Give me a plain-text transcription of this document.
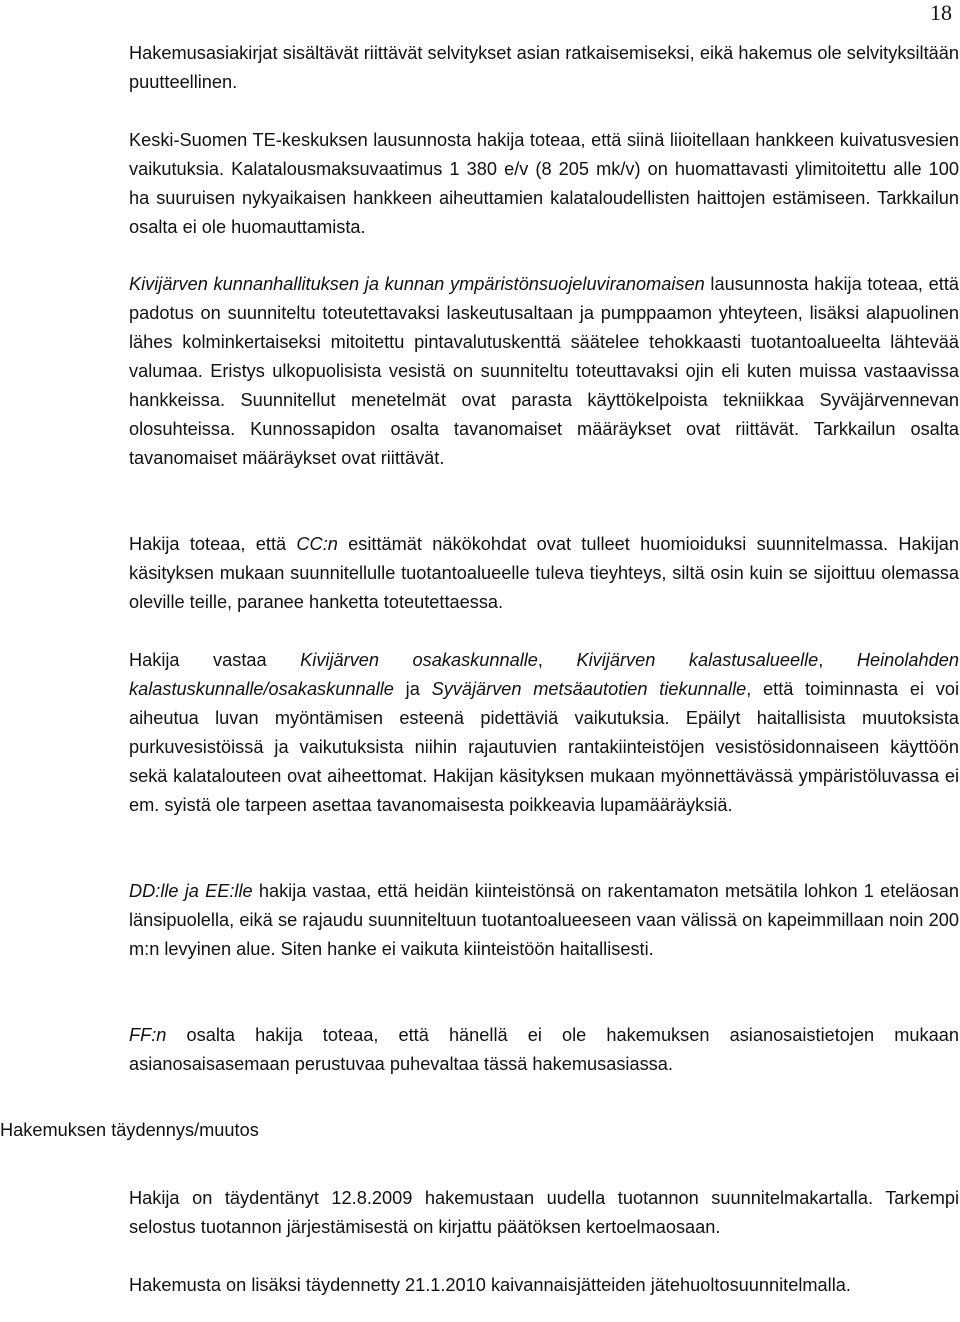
18

Hakemusasiakirjat sisältävät riittävät selvitykset asian ratkaisemiseksi, eikä hakemus ole selvityksiltään puutteellinen.

Keski-Suomen TE-keskuksen lausunnosta hakija toteaa, että siinä liioitellaan hankkeen kuivatusvesien vaikutuksia. Kalatalousmaksuvaatimus 1 380 e/v (8 205 mk/v) on huomattavasti ylimitoitettu alle 100 ha suuruisen nykyaikaisen hankkeen aiheuttamien kalataloudellisten haittojen estämiseen. Tarkkailun osalta ei ole huomauttamista.

Kivijärven kunnanhallituksen ja kunnan ympäristönsuojeluviranomaisen lausunnosta hakija toteaa, että padotus on suunniteltu toteutettavaksi laskeutusaltaan ja pumppaamon yhteyteen, lisäksi alapuolinen lähes kolminkertaiseksi mitoitettu pintavalutuskenttä säätelee tehokkaasti tuotantoalueelta lähtevää valumaa. Eristys ulkopuolisista vesistä on suunniteltu toteuttavaksi ojin eli kuten muissa vastaavissa hankkeissa. Suunnitellut menetelmät ovat parasta käyttökelpoista tekniikkaa Syväjärvennevan olosuhteissa. Kunnossapidon osalta tavanomaiset määräykset ovat riittävät. Tarkkailun osalta tavanomaiset määräykset ovat riittävät.

Hakija toteaa, että CC:n esittämät näkökohdat ovat tulleet huomioiduksi suunnitelmassa. Hakijan käsityksen mukaan suunnitellulle tuotantoalueelle tuleva tieyhteys, siltä osin kuin se sijoittuu olemassa oleville teille, paranee hanketta toteutettaessa.

Hakija vastaa Kivijärven osakaskunnalle, Kivijärven kalastusalueelle, Heinolahden kalastuskunnalle/osakaskunnalle ja Syväjärven metsäautotien tiekunnalle, että toiminnasta ei voi aiheutua luvan myöntämisen esteenä pidettäviä vaikutuksia. Epäilyt haitallisista muutoksista purkuvesistöissä ja vaikutuksista niihin rajautuvien rantakiinteistöjen vesistösidonnaiseen käyttöön sekä kalatalouteen ovat aiheettomat. Hakijan käsityksen mukaan myönnettävässä ympäristöluvassa ei em. syistä ole tarpeen asettaa tavanomaisesta poikkeavia lupamääräyksiä.

DD:lle ja EE:lle hakija vastaa, että heidän kiinteistönsä on rakentamaton metsätila lohkon 1 eteläosan länsipuolella, eikä se rajaudu suunniteltuun tuotantoalueeseen vaan välissä on kapeimmillaan noin 200 m:n levyinen alue. Siten hanke ei vaikuta kiinteistöön haitallisesti.

FF:n osalta hakija toteaa, että hänellä ei ole hakemuksen asianosaistietojen mukaan asianosaisasemaan perustuvaa puhevaltaa tässä hakemusasiassa.

Hakemuksen täydennys/muutos

Hakija on täydentänyt 12.8.2009 hakemustaan uudella tuotannon suunnitelmakartalla. Tarkempi selostus tuotannon järjestämisestä on kirjattu päätöksen kertoelmaosaan.

Hakemusta on lisäksi täydennetty 21.1.2010 kaivannaisjätteiden jätehuoltosuunnitelmalla.
